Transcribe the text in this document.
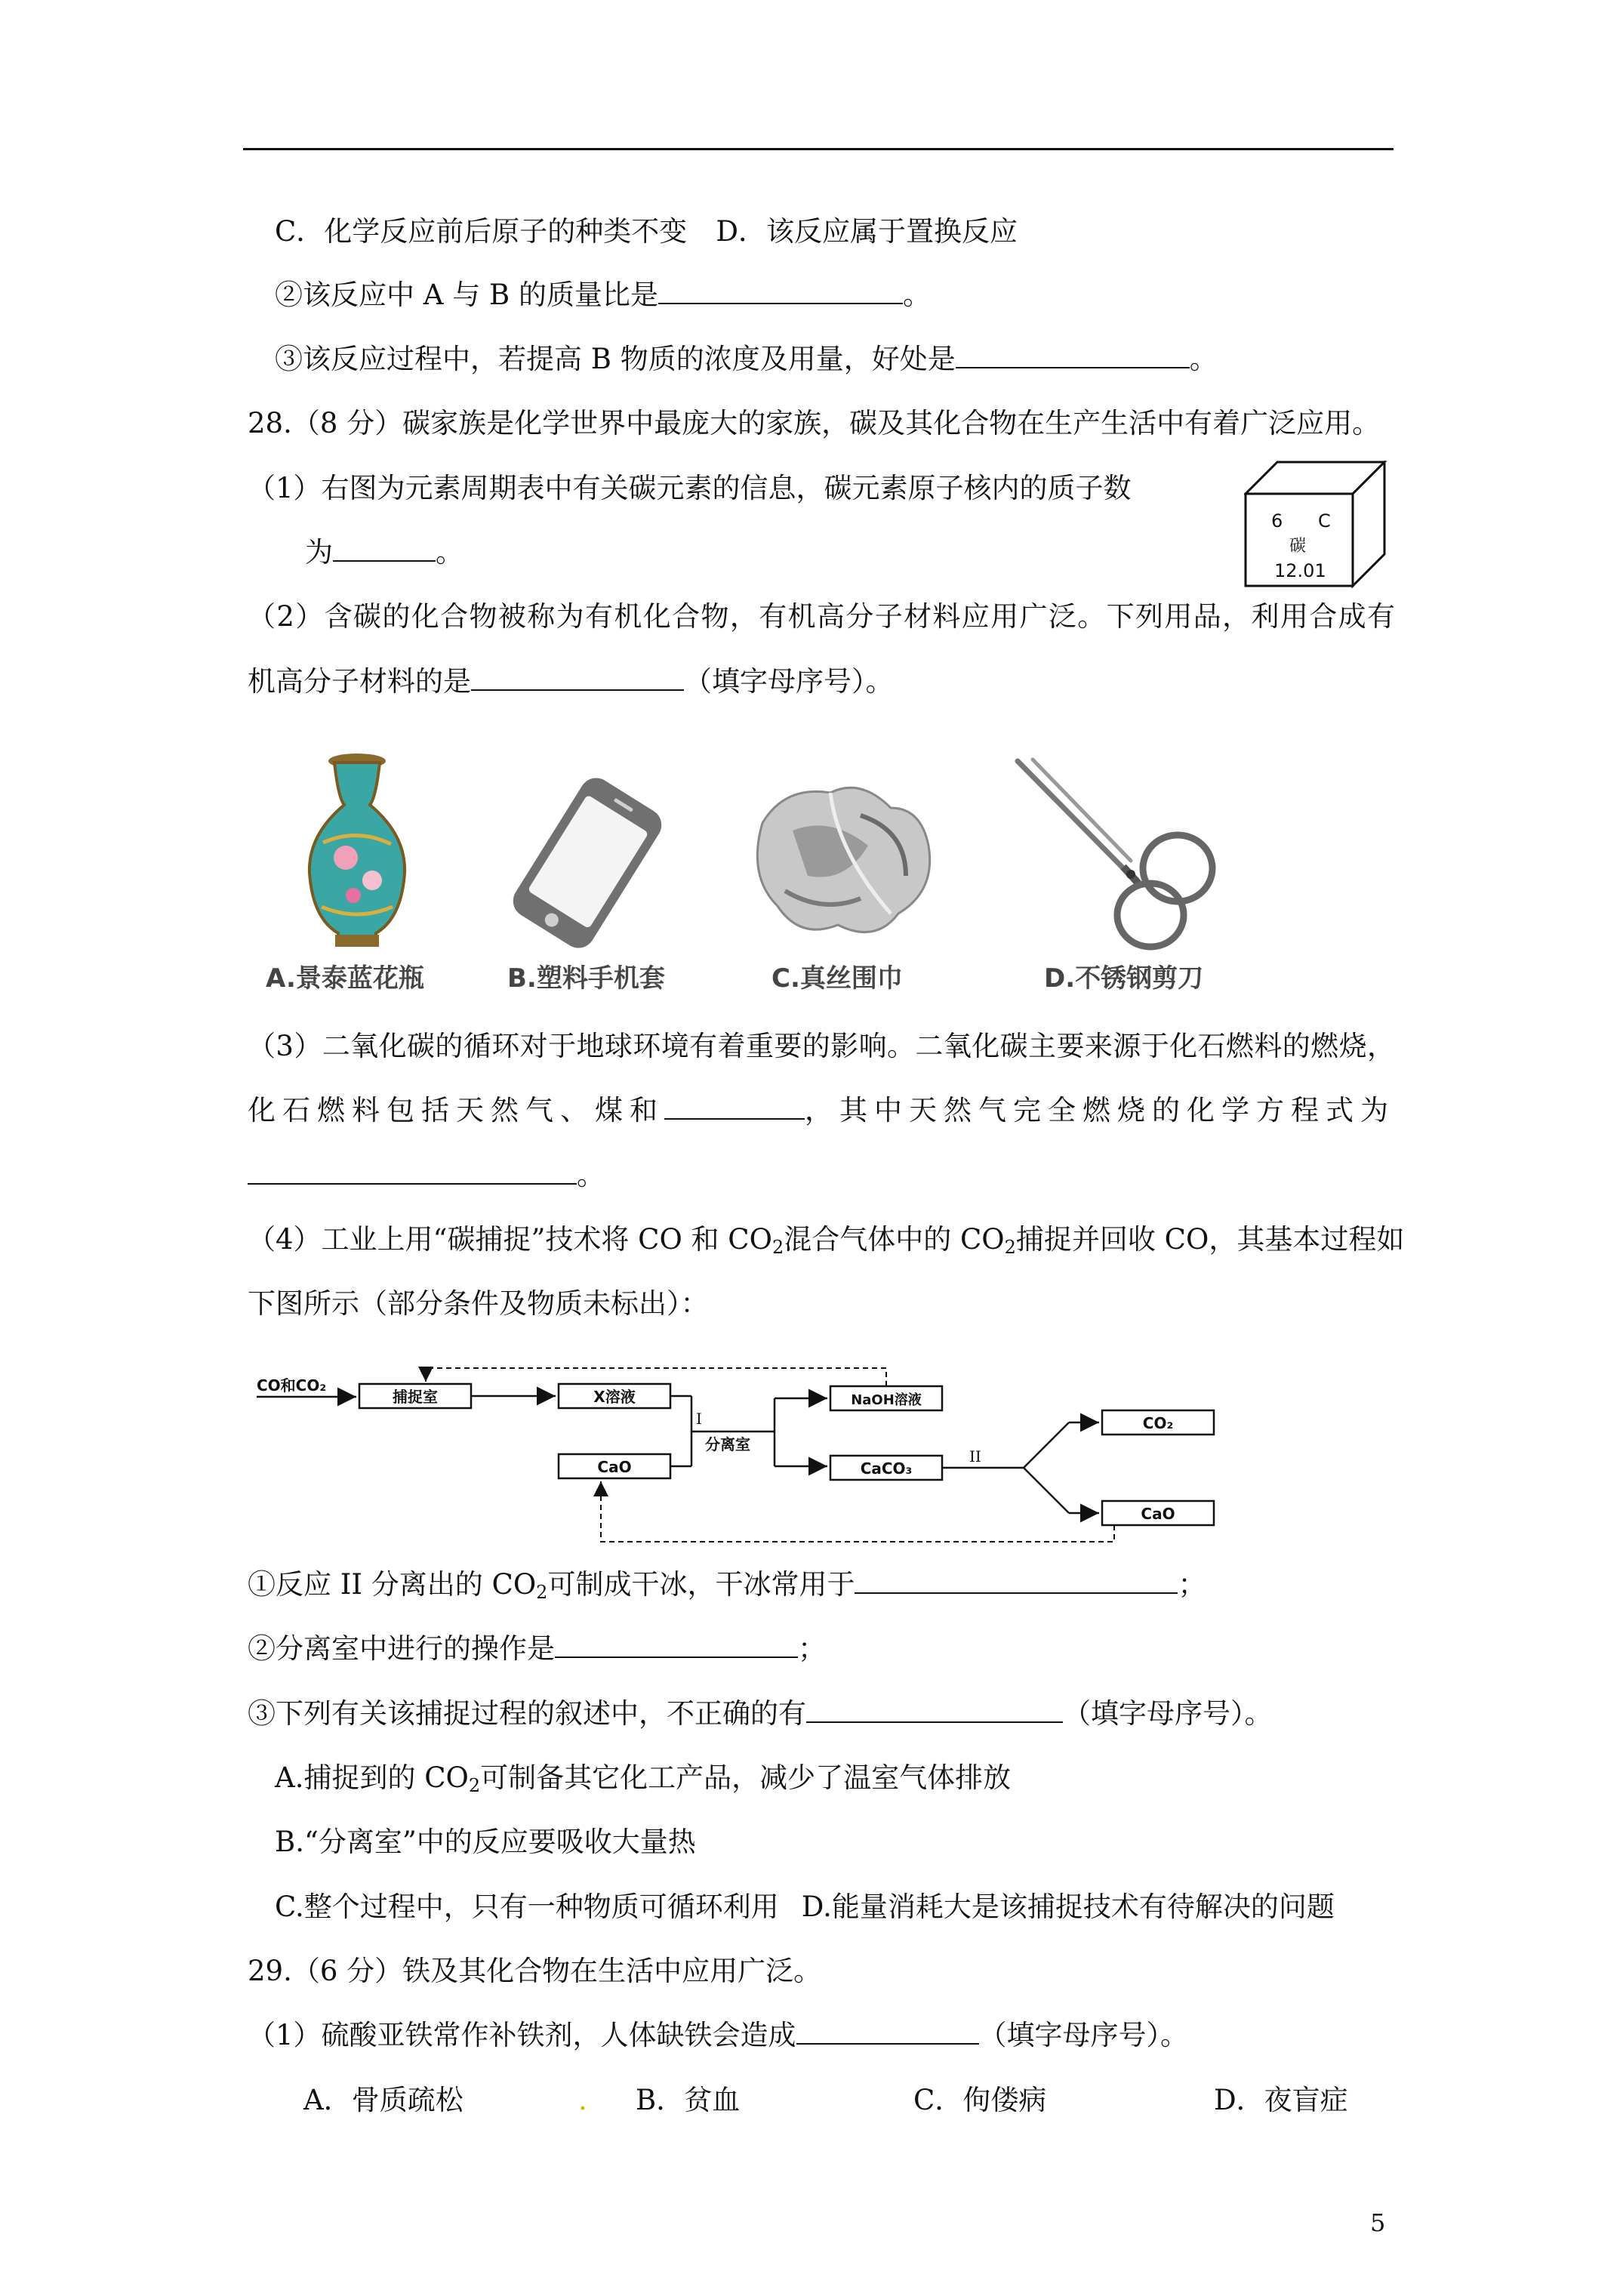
C．化学反应前后原子的种类不变 D．该反应属于置换反应
②该反应中 A 与 B 的质量比是	。
③该反应过程中，若提高 B 物质的浓度及用量，好处是	。
28.（8 分）碳家族是化学世界中最庞大的家族，碳及其化合物在生产生活中有着广泛应用。
（1）右图为元素周期表中有关碳元素的信息，碳元素原子核内的质子数
为	。
6 C
碳
12.01
（2）含碳的化合物被称为有机化合物，有机高分子材料应用广泛。下列用品，利用合成有
机高分子材料的是	（填字母序号）。
A.景泰蓝花瓶	B.塑料手机套	C.真丝围巾	D.不锈钢剪刀
（3）二氧化碳的循环对于地球环境有着重要的影响。二氧化碳主要来源于化石燃料的燃烧，
化石燃料包括天然气、煤和	，其中天然气完全燃烧的化学方程式为
。
（4）工业上用“碳捕捉”技术将 CO 和 $CO_2$混合气体中的 $CO_2$捕捉并回收 CO，其基本过程如
下图所示（部分条件及物质未标出）：
CO和CO₂
捕捉室	X溶液
CaO
I
分离室
NaOH溶液
CaCO₃
II
CO₂
CaO
①反应 II 分离出的 $CO_2$可制成干冰，干冰常用于	；
②分离室中进行的操作是	；
③下列有关该捕捉过程的叙述中，不正确的有	（填字母序号）。
A.捕捉到的 $CO_2$可制备其它化工产品，减少了温室气体排放
B.“分离室”中的反应要吸收大量热
C.整个过程中，只有一种物质可循环利用 D.能量消耗大是该捕捉技术有待解决的问题
29.（6 分）铁及其化合物在生活中应用广泛。
（1）硫酸亚铁常作补铁剂，人体缺铁会造成	（填字母序号）。
A．骨质疏松	. B．贫血	C．佝偻病	D．夜盲症
5
